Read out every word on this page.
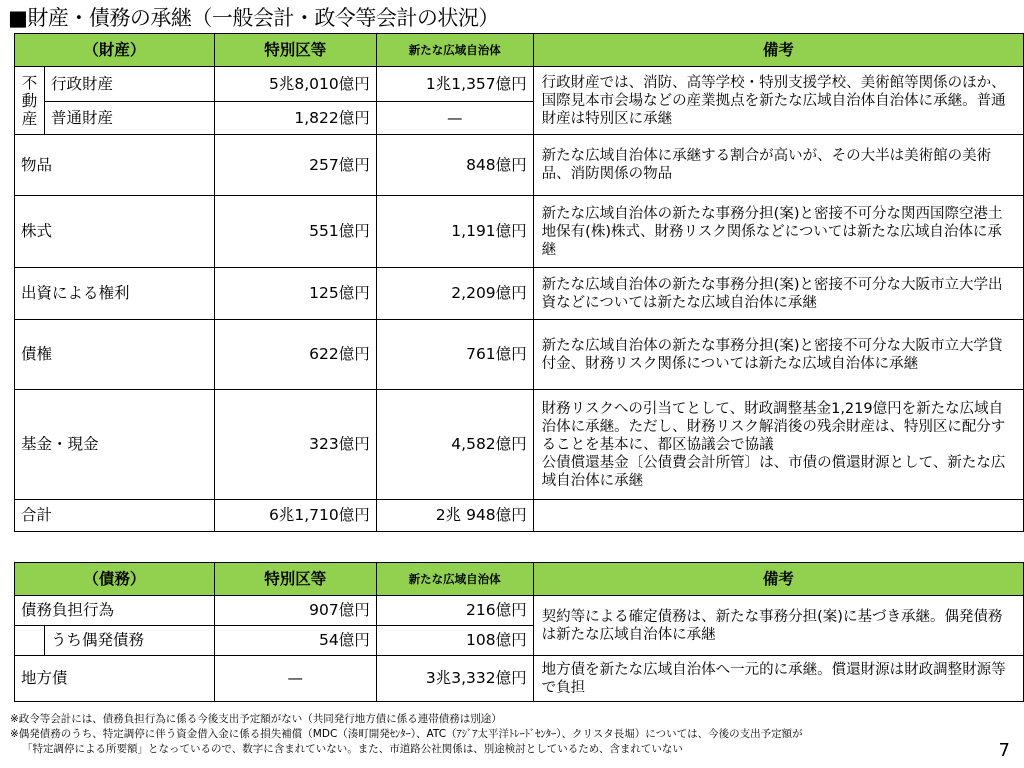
■財産・債務の承継（一般会計・政令等会計の状況）
（財産）		特別区等	新たな広域自治体	備考
不動産	行政財産	5兆8,010億円	1兆1,357億円	行政財産では、消防、高等学校・特別支援学校、美術館等関係のほか、国際見本市会場などの産業拠点を新たな広域自治体自治体に承継。普通財産は特別区に承継
	普通財産	1,822億円	—	
物品		257億円	848億円	新たな広域自治体に承継する割合が高いが、その大半は美術館の美術品、消防関係の物品
株式		551億円	1,191億円	新たな広域自治体の新たな事務分担(案)と密接不可分な関西国際空港土地保有(株)株式、財務リスク関係などについては新たな広域自治体に承継
出資による権利		125億円	2,209億円	新たな広域自治体の新たな事務分担(案)と密接不可分な大阪市立大学出資などについては新たな広域自治体に承継
債権		622億円	761億円	新たな広域自治体の新たな事務分担(案)と密接不可分な大阪市立大学貸付金、財務リスク関係については新たな広域自治体に承継
基金・現金		323億円	4,582億円	財務リスクへの引当てとして、財政調整基金1,219億円を新たな広域自治体に承継。ただし、財務リスク解消後の残余財産は、特別区に配分することを基本に、都区協議会で協議
公債償還基金〔公債費会計所管〕は、市債の償還財源として、新たな広域自治体に承継
合計		6兆1,710億円	2兆 948億円	
（債務）		特別区等	新たな広域自治体	備考
債務負担行為		907億円	216億円	契約等による確定債務は、新たな事務分担(案)に基づき承継。偶発債務は新たな広域自治体に承継
	うち偶発債務	54億円	108億円	
地方債		—	3兆3,332億円	地方債を新たな広域自治体へ一元的に承継。償還財源は財政調整財源等で負担
※政令等会計には、債務負担行為に係る今後支出予定額がない（共同発行地方債に係る連帯債務は別途）
※偶発債務のうち、特定調停に伴う資金借入金に係る損失補償（MDC（湊町開発ｾﾝﾀｰ）、ATC（ｱｼﾞｱ太平洋ﾄﾚｰﾄﾞｾﾝﾀｰ）、クリスタ長堀）については、今後の支出予定額が
「特定調停による所要額」となっているので、数字に含まれていない。また、市道路公社関係は、別途検討としているため、含まれていない	7
